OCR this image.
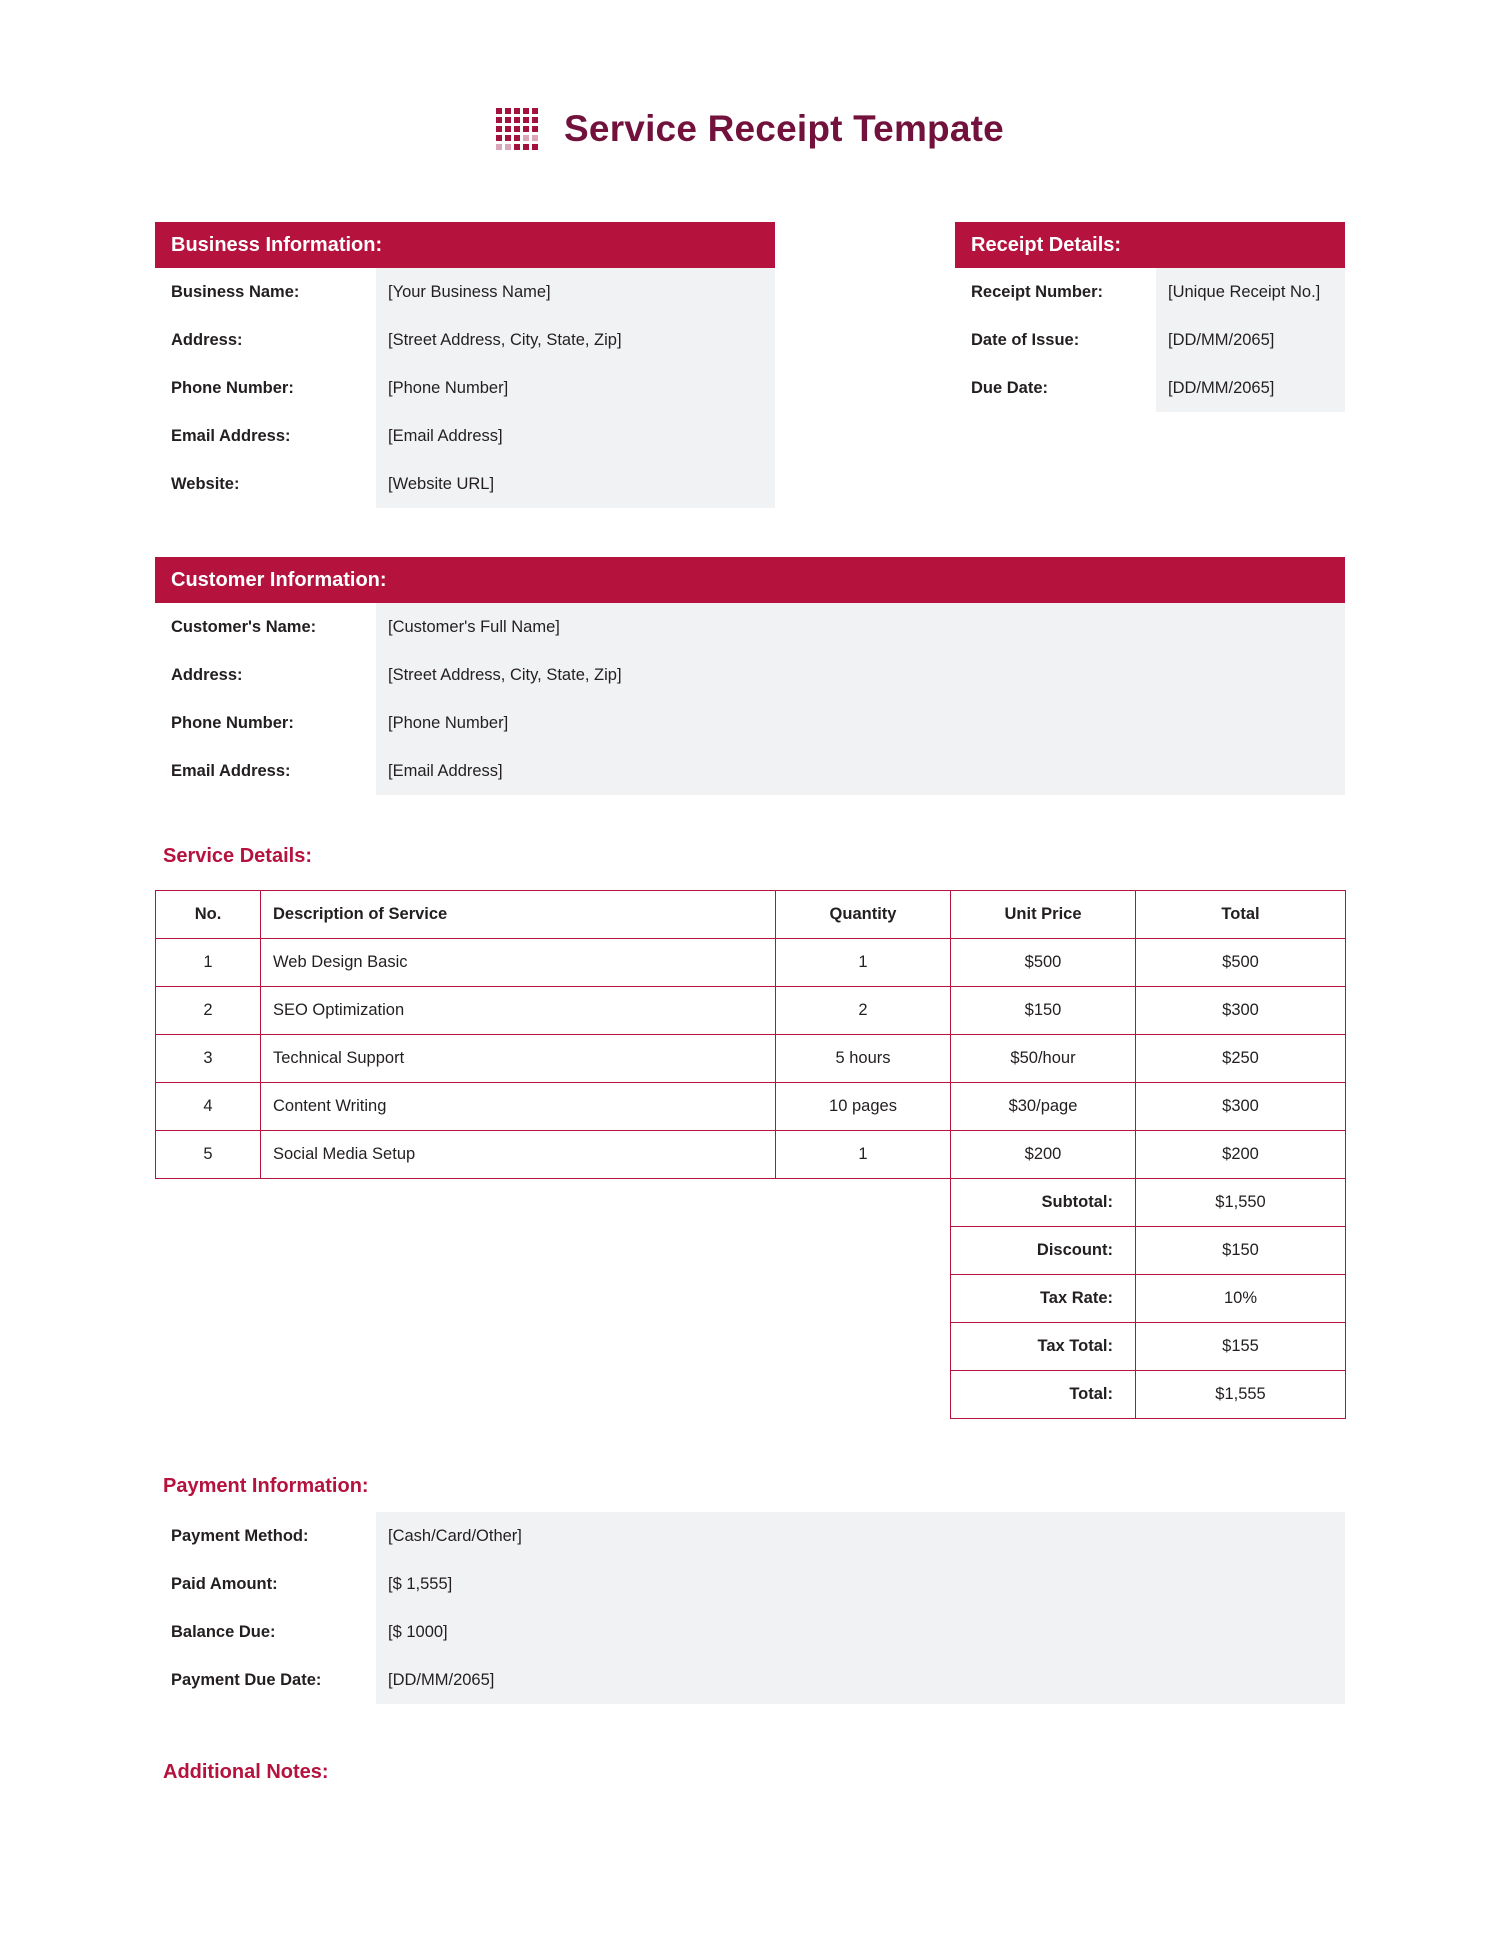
Service Receipt Tempate
Business Information:
Business Name:	[Your Business Name]
Address:	[Street Address, City, State, Zip]
Phone Number:	[Phone Number]
Email Address:	[Email Address]
Website:	[Website URL]
Receipt Details:
Receipt Number:	[Unique Receipt No.]
Date of Issue:	[DD/MM/2065]
Due Date:	[DD/MM/2065]
Customer Information:
Customer's Name:	[Customer's Full Name]
Address:	[Street Address, City, State, Zip]
Phone Number:	[Phone Number]
Email Address:	[Email Address]
Service Details:
No.	Description of Service	Quantity	Unit Price	Total
1	Web Design Basic	1	$500	$500
2	SEO Optimization	2	$150	$300
3	Technical Support	5 hours	$50/hour	$250
4	Content Writing	10 pages	$30/page	$300
5	Social Media Setup	1	$200	$200
			Subtotal:	$1,550
			Discount:	$150
			Tax Rate:	10%
			Tax Total:	$155
			Total:	$1,555
Payment Information:
Payment Method:	[Cash/Card/Other]
Paid Amount:	[$ 1,555]
Balance Due:	[$ 1000]
Payment Due Date:	[DD/MM/2065]
Additional Notes:
